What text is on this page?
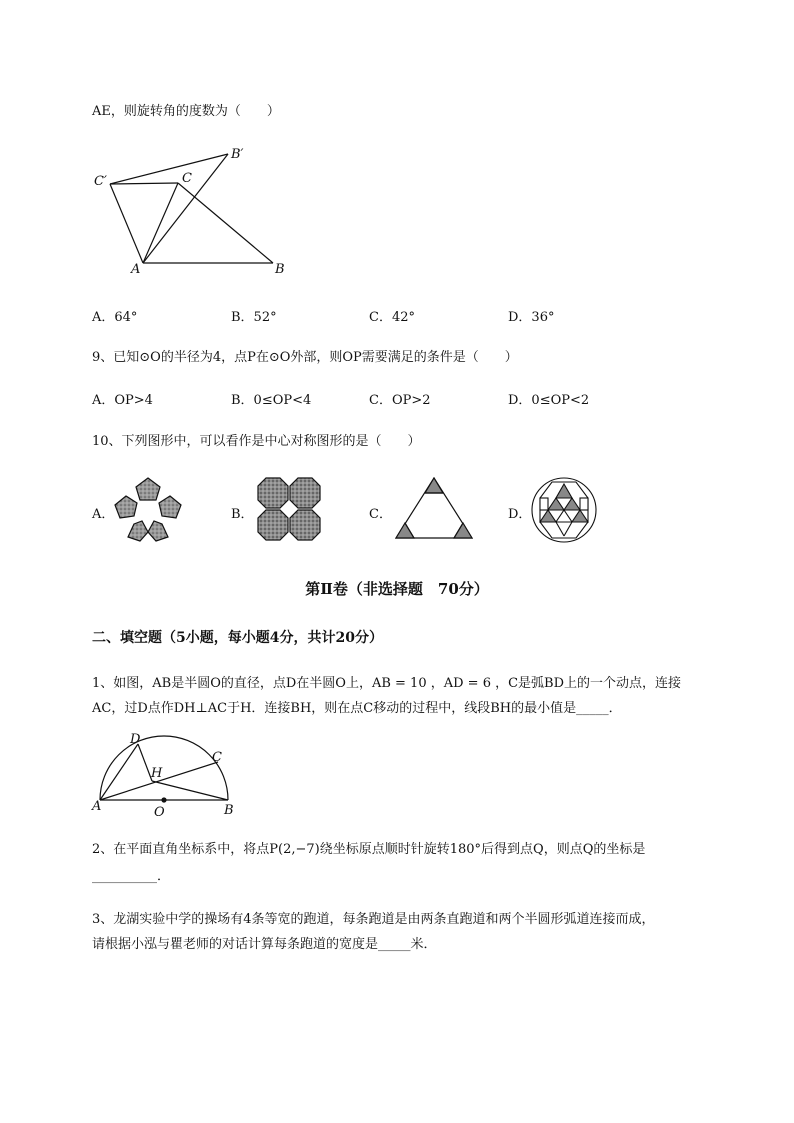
AE，则旋转角的度数为（　　）
B′
C′	C
A	B
A．64°	B．52°	C．42°	D．36°
9、已知⊙O的半径为4，点P在⊙O外部，则OP需要满足的条件是（　　）
A．OP>4	B．0≤OP<4	C．OP>2	D．0≤OP<2
10、下列图形中，可以看作是中心对称图形的是（　　）
A．	B．	C．	D．
第Ⅱ卷（非选择题　70分）
二、填空题（5小题，每小题4分，共计20分）
1、如图，AB是半圆O的直径，点D在半圆O上，AB = 10 ，AD = 6 ，C是弧BD上的一个动点，连接
AC，过D点作DH⊥AC于H．连接BH，则在点C移动的过程中，线段BH的最小值是_____．
D
C
H
A	O	B
2、在平面直角坐标系中，将点P(2,−7)绕坐标原点顺时针旋转180°后得到点Q，则点Q的坐标是
__________．
3、龙湖实验中学的操场有4条等宽的跑道，每条跑道是由两条直跑道和两个半圆形弧道连接而成，
请根据小泓与瞿老师的对话计算每条跑道的宽度是_____米．
